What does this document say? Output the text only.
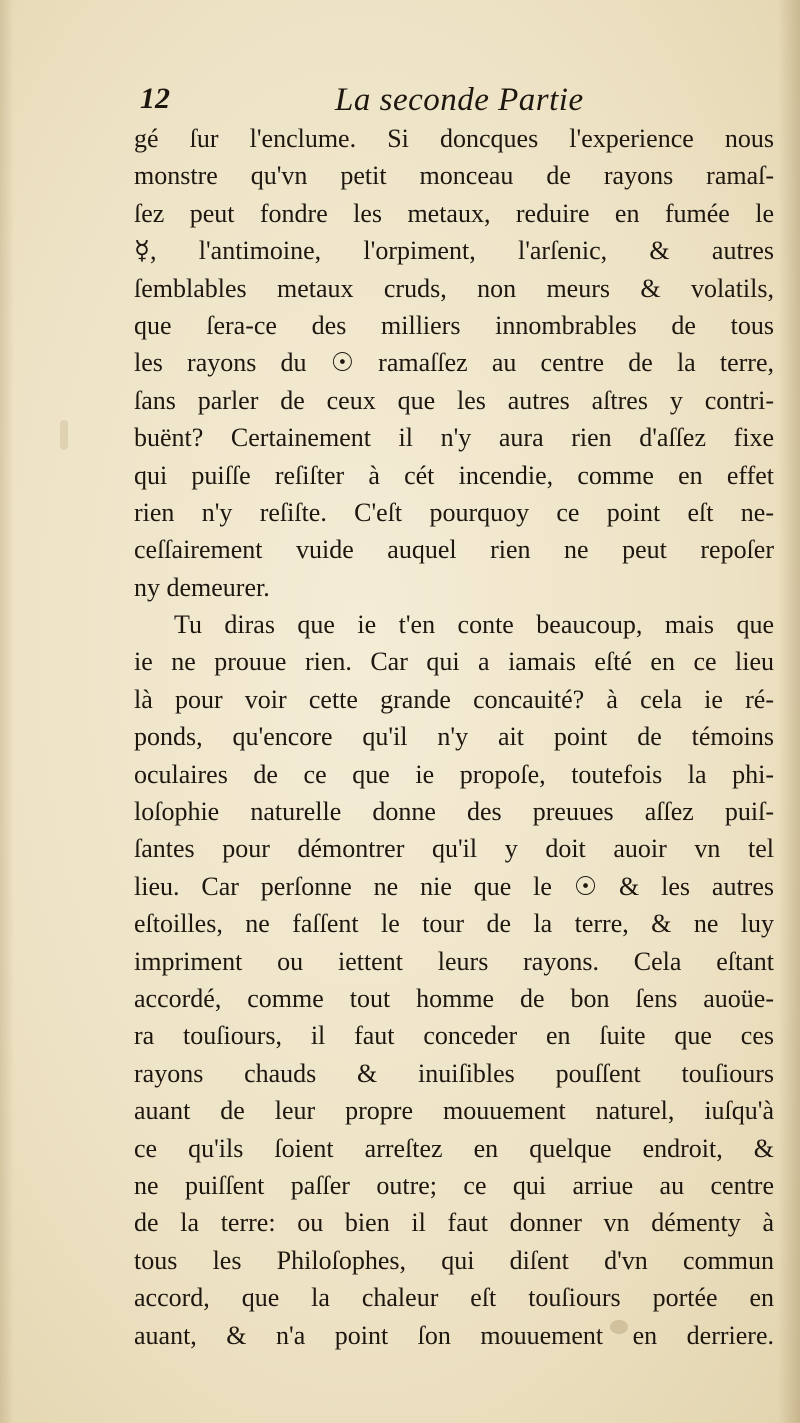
12	La seconde Partie
gé ſur l'enclume. Si doncques l'experience nous
monstre qu'vn petit monceau de rayons ramaſ-
ſez peut fondre les metaux, reduire en fumée le
☿, l'antimoine, l'orpiment, l'arſenic, & autres
ſemblables metaux cruds, non meurs & volatils,
que ſera-ce des milliers innombrables de tous
les rayons du ☉ ramaſſez au centre de la terre,
ſans parler de ceux que les autres aſtres y contri-
buënt? Certainement il n'y aura rien d'aſſez fixe
qui puiſſe reſiſter à cét incendie, comme en effet
rien n'y reſiſte. C'eſt pourquoy ce point eſt ne-
ceſſairement vuide auquel rien ne peut repoſer
ny demeurer.
Tu diras que ie t'en conte beaucoup, mais que
ie ne prouue rien. Car qui a iamais eſté en ce lieu
là pour voir cette grande concauité? à cela ie ré-
ponds, qu'encore qu'il n'y ait point de témoins
oculaires de ce que ie propoſe, toutefois la phi-
loſophie naturelle donne des preuues aſſez puiſ-
ſantes pour démontrer qu'il y doit auoir vn tel
lieu. Car perſonne ne nie que le ☉ & les autres
eſtoilles, ne faſſent le tour de la terre, & ne luy
impriment ou iettent leurs rayons. Cela eſtant
accordé, comme tout homme de bon ſens auoüe-
ra touſiours, il faut conceder en ſuite que ces
rayons chauds & inuiſibles pouſſent touſiours
auant de leur propre mouuement naturel, iuſqu'à
ce qu'ils ſoient arreſtez en quelque endroit, &
ne puiſſent paſſer outre; ce qui arriue au centre
de la terre: ou bien il faut donner vn démenty à
tous les Philoſophes, qui diſent d'vn commun
accord, que la chaleur eſt touſiours portée en
auant, & n'a point ſon mouuement en derriere.
